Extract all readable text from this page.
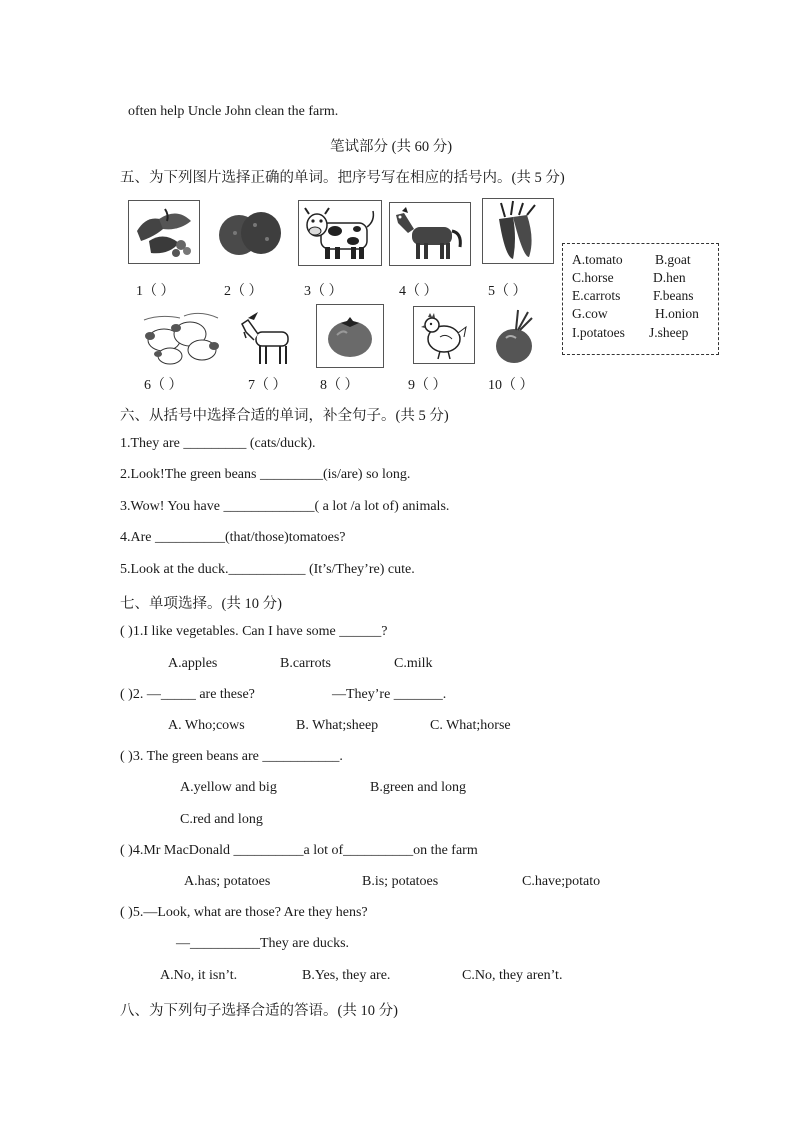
often help Uncle John clean the farm.
笔试部分 (共 60 分)
五、为下列图片选择正确的单词。把序号写在相应的括号内。(共 5 分)
1（ ）	2（ ）	3（ ）	4（ ）	5（ ）
6（ ）	7（ ） 8（ ）	9（ ）	10（ ）
A.tomato B.goat
C.horse	D.hen
E.carrots F.beans
G.cow	H.onion
I.potatoes J.sheep
六、从括号中选择合适的单词，补全句子。(共 5 分)
1.They are _________ (cats/duck).
2.Look!The green beans _________(is/are) so long.
3.Wow! You have _____________( a lot /a lot of) animals.
4.Are __________(that/those)tomatoes?
5.Look at the duck.___________ (It’s/They’re) cute.
七、单项选择。(共 10 分)
( )1.I like vegetables. Can I have some ______?
A.apples	B.carrots	C.milk
( )2. —_____ are these?	—They’re _______.
A. Who;cows	B. What;sheep	C. What;horse
( )3. The green beans are ___________.
A.yellow and big	B.green and long
C.red and long
( )4.Mr MacDonald __________a lot of__________on the farm
A.has; potatoes	B.is; potatoes	C.have;potato
( )5.—Look, what are those? Are they hens?
—__________They are ducks.
A.No, it isn’t.	B.Yes, they are.	C.No, they aren’t.
八、为下列句子选择合适的答语。(共 10 分)
